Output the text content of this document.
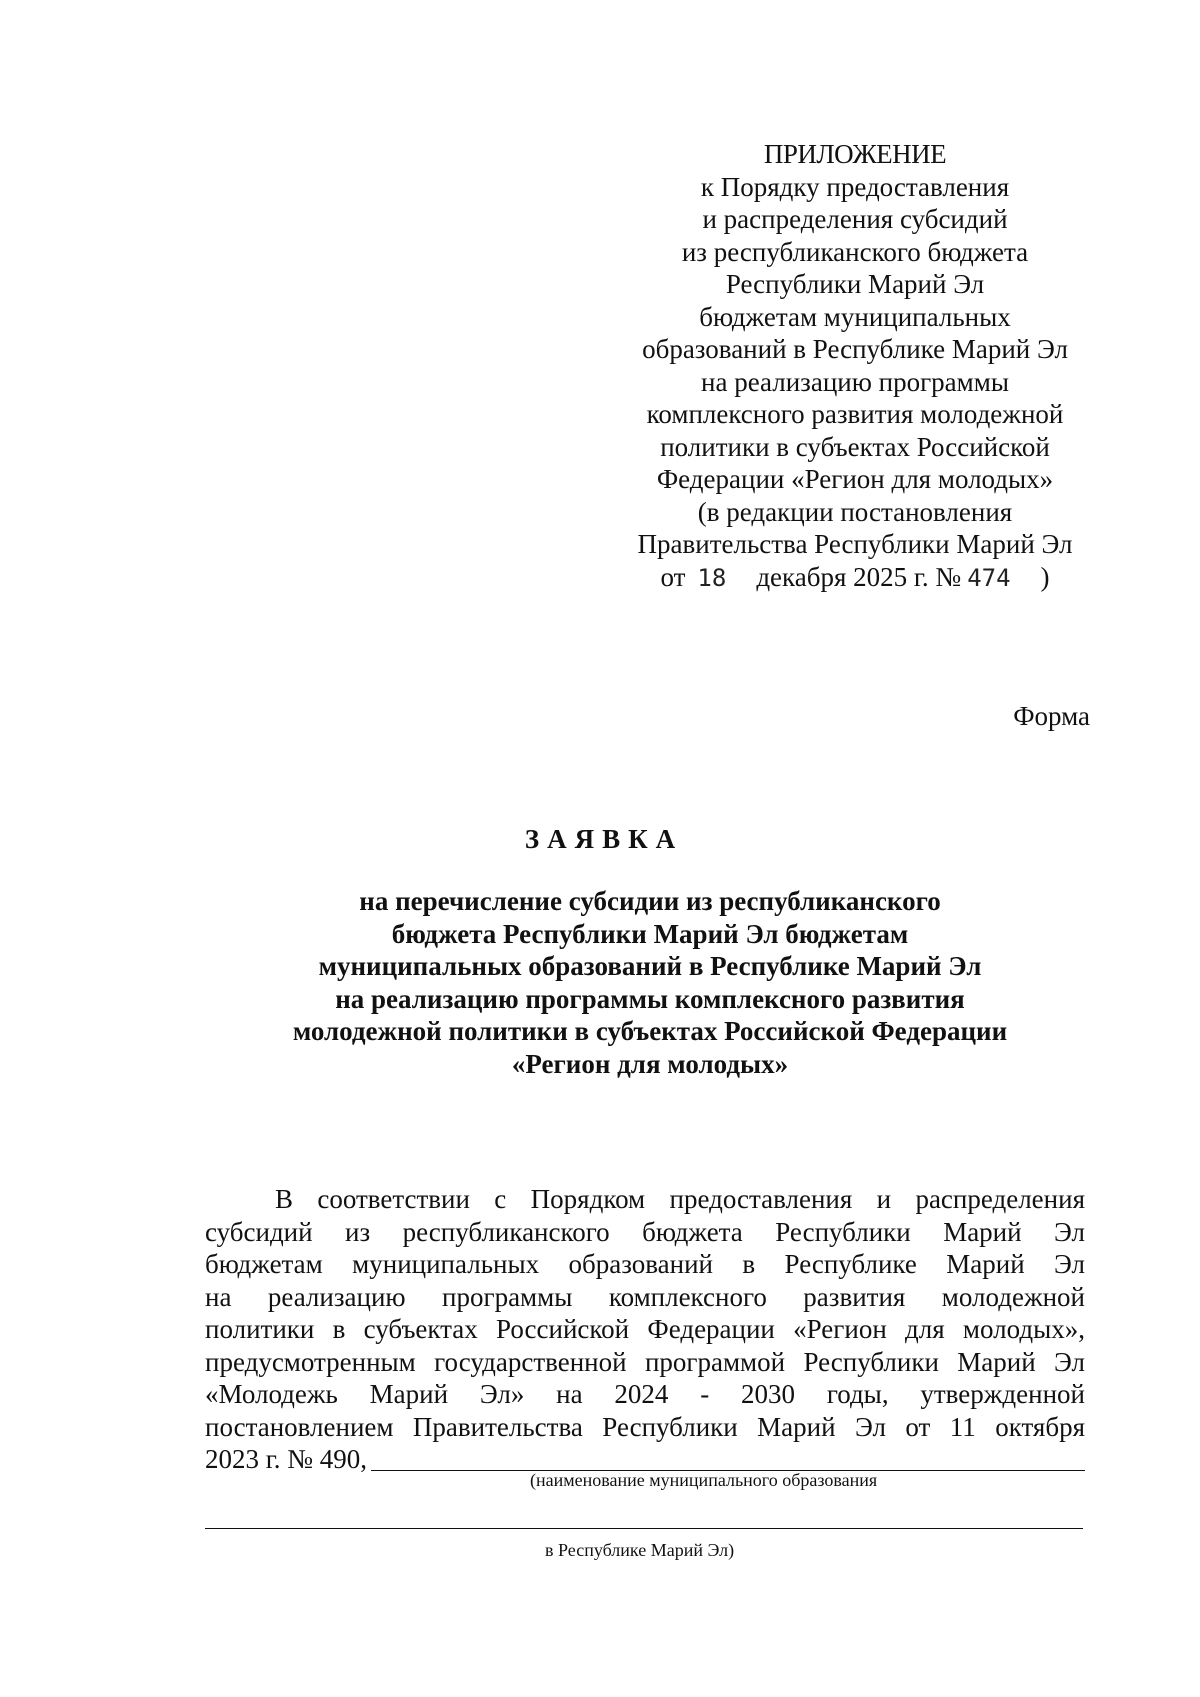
ПРИЛОЖЕНИЕ
к Порядку предоставления
и распределения субсидий
из республиканского бюджета
Республики Марий Эл
бюджетам муниципальных
образований в Республике Марий Эл
на реализацию программы
комплексного развития молодежной
политики в субъектах Российской
Федерации «Регион для молодых»
(в редакции постановления
Правительства Республики Марий Эл
от 18 декабря 2025 г. № 474 )
Форма
ЗАЯВКА
на перечисление субсидии из республиканского
бюджета Республики Марий Эл бюджетам
муниципальных образований в Республике Марий Эл
на реализацию программы комплексного развития
молодежной политики в субъектах Российской Федерации
«Регион для молодых»
В соответствии с Порядком предоставления и распределения
субсидий из республиканского бюджета Республики Марий Эл
бюджетам муниципальных образований в Республике Марий Эл
на реализацию программы комплексного развития молодежной
политики в субъектах Российской Федерации «Регион для молодых»,
предусмотренным государственной программой Республики Марий Эл
«Молодежь Марий Эл» на 2024 - 2030 годы, утвержденной
постановлением Правительства Республики Марий Эл от 11 октября
2023 г. № 490,
(наименование муниципального образования
в Республике Марий Эл)
